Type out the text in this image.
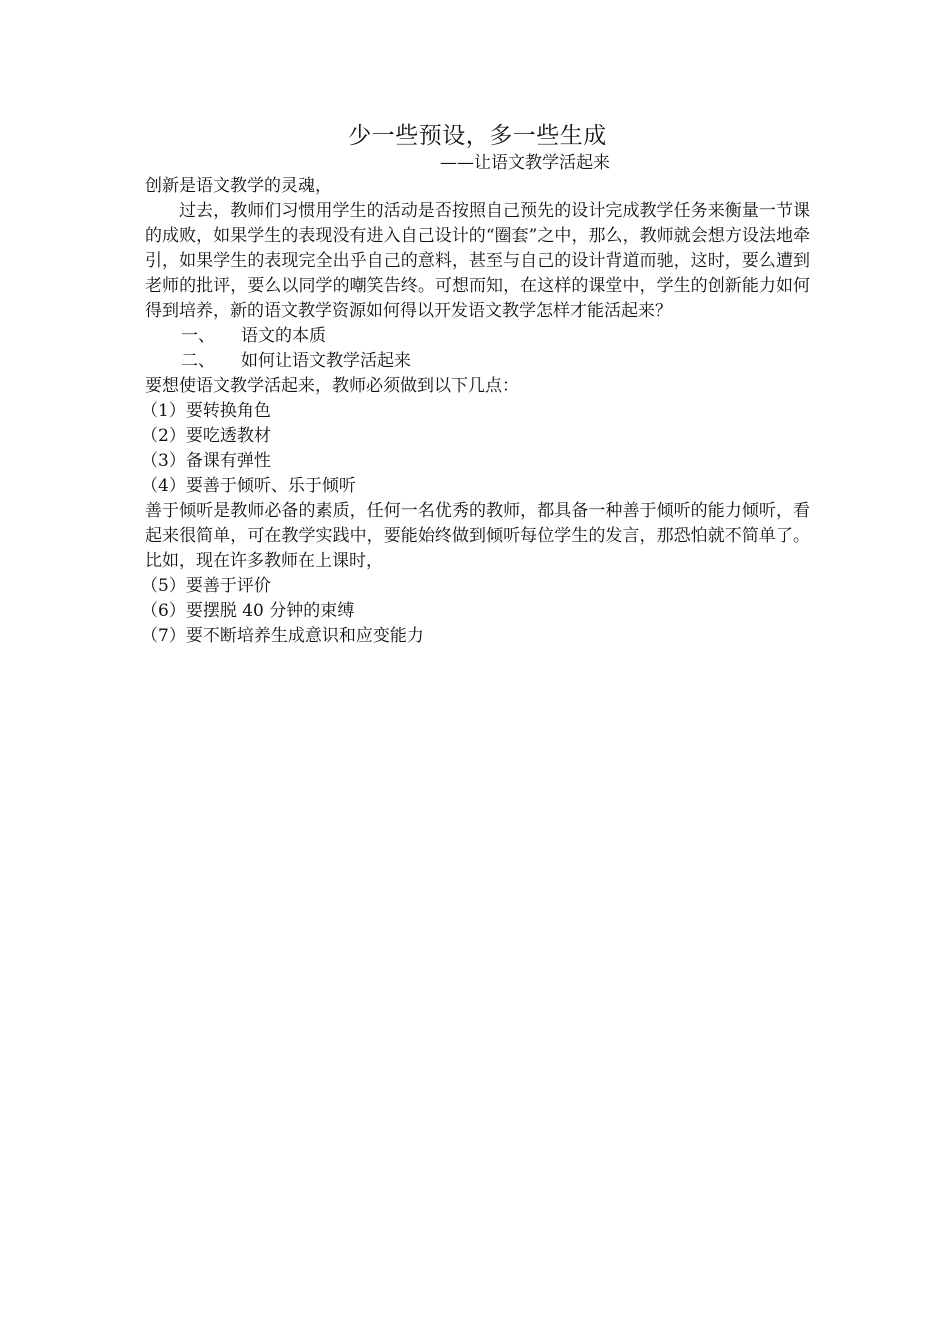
少一些预设，多一些生成

——让语文教学活起来

创新是语文教学的灵魂，

过去，教师们习惯用学生的活动是否按照自己预先的设计完成教学任务来衡量一节课的成败，如果学生的表现没有进入自己设计的“圈套”之中，那么，教师就会想方设法地牵引，如果学生的表现完全出乎自己的意料，甚至与自己的设计背道而驰，这时，要么遭到老师的批评，要么以同学的嘲笑告终。可想而知，在这样的课堂中，学生的创新能力如何得到培养，新的语文教学资源如何得以开发语文教学怎样才能活起来？

一、 语文的本质

二、 如何让语文教学活起来

要想使语文教学活起来，教师必须做到以下几点：

（1）要转换角色

（2）要吃透教材

（3）备课有弹性

（4）要善于倾听、乐于倾听

善于倾听是教师必备的素质，任何一名优秀的教师，都具备一种善于倾听的能力倾听，看起来很简单，可在教学实践中，要能始终做到倾听每位学生的发言，那恐怕就不简单了。比如，现在许多教师在上课时，

（5）要善于评价

（6）要摆脱 40 分钟的束缚

（7）要不断培养生成意识和应变能力
